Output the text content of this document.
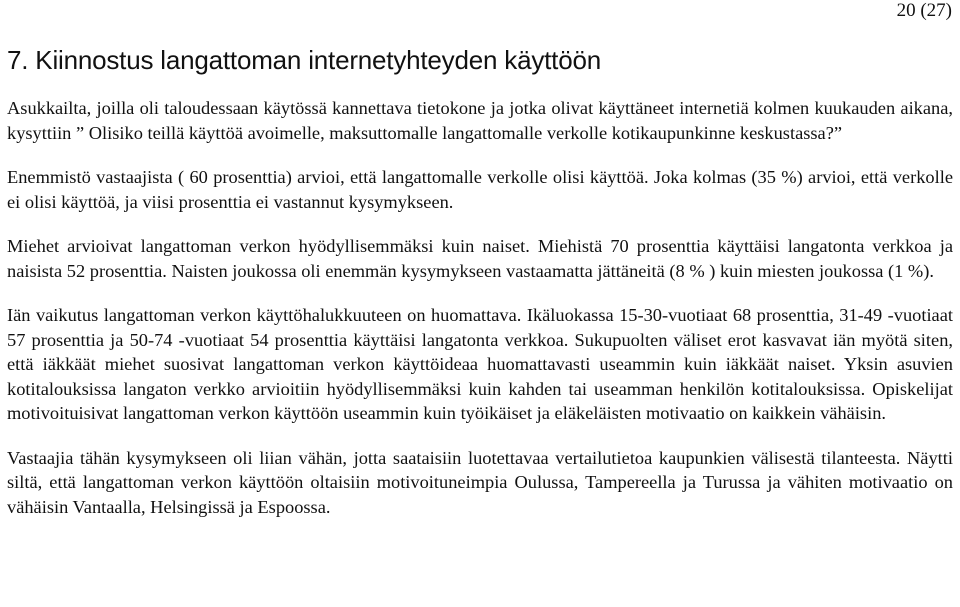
20 (27)
7. Kiinnostus langattoman internetyhteyden käyttöön

Asukkailta, joilla oli taloudessaan käytössä kannettava tietokone ja jotka olivat käyttäneet internetiä kolmen kuukauden aikana, kysyttiin ” Olisiko teillä käyttöä avoimelle, maksuttomalle langattomalle verkolle kotikaupunkinne keskustassa?”

Enemmistö vastaajista ( 60 prosenttia) arvioi, että langattomalle verkolle olisi käyttöä. Joka kolmas (35 %) arvioi, että verkolle ei olisi käyttöä, ja viisi prosenttia ei vastannut kysymykseen.

Miehet arvioivat langattoman verkon hyödyllisemmäksi kuin naiset. Miehistä 70 prosenttia käyttäisi langatonta verkkoa ja naisista 52 prosenttia. Naisten joukossa oli enemmän kysymykseen vastaamatta jättäneitä (8 % ) kuin miesten joukossa (1 %).

Iän vaikutus langattoman verkon käyttöhalukkuuteen on huomattava. Ikäluokassa 15-30-vuotiaat 68 prosenttia, 31-49 -vuotiaat 57 prosenttia ja 50-74 -vuotiaat 54 prosenttia käyttäisi langatonta verkkoa. Sukupuolten väliset erot kasvavat iän myötä siten, että iäkkäät miehet suosivat langattoman verkon käyttöideaa huomattavasti useammin kuin iäkkäät naiset. Yksin asuvien kotitalouksissa langaton verkko arvioitiin hyödyllisemmäksi kuin kahden tai useamman henkilön kotitalouksissa. Opiskelijat motivoituisivat langattoman verkon käyttöön useammin kuin työikäiset ja eläkeläisten motivaatio on kaikkein vähäisin.

Vastaajia tähän kysymykseen oli liian vähän, jotta saataisiin luotettavaa vertailutietoa kaupunkien välisestä tilanteesta. Näytti siltä, että langattoman verkon käyttöön oltaisiin motivoituneimpia Oulussa, Tampereella ja Turussa ja vähiten motivaatio on vähäisin Vantaalla, Helsingissä ja Espoossa.
